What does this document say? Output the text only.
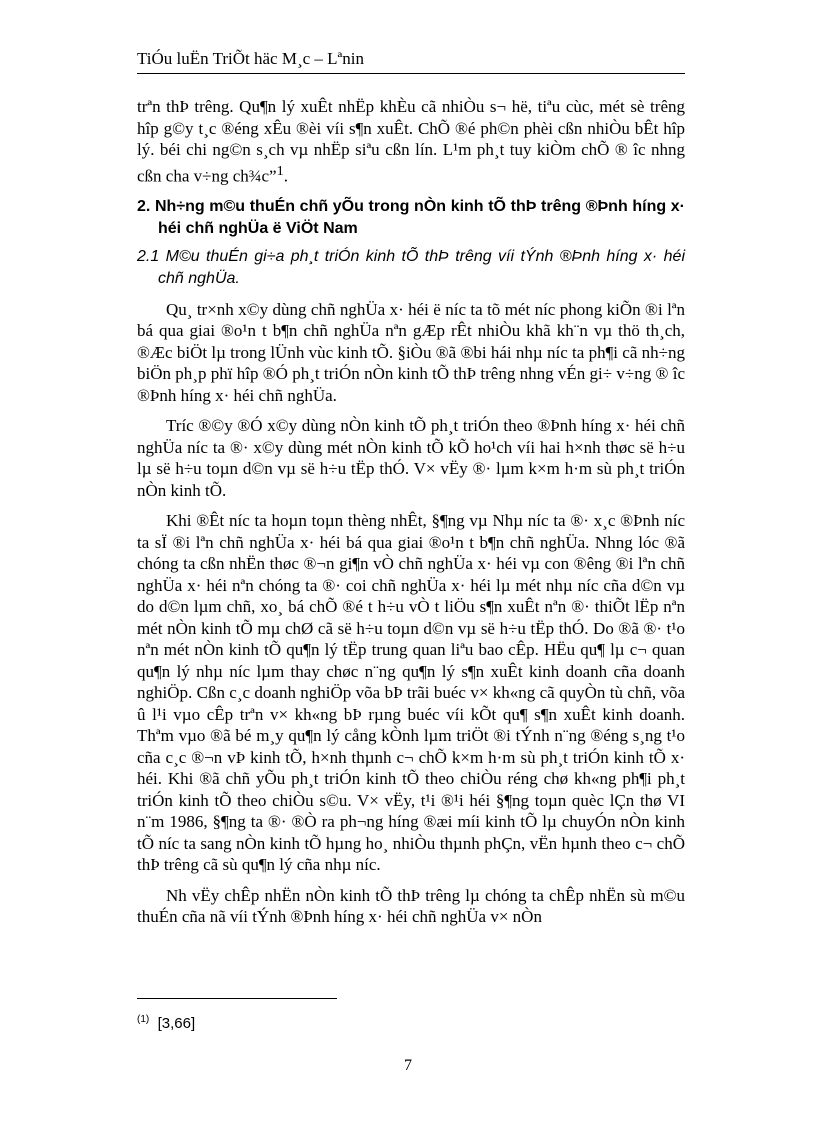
TiÓu luËn TriÕt häc M¸c – Lªnin

trªn thÞ trêng. Qu¶n lý xuÊt nhËp khÈu cã nhiÒu s¬ hë, tiªu cùc, mét sè trêng hîp g©y t¸c ®éng xÊu ®èi víi s¶n xuÊt. ChÕ ®é ph©n phèi cßn nhiÒu bÊt hîp lý. béi chi ng©n s¸ch vµ nhËp siªu cßn lín. L¹m ph¸t tuy kiÒm chÕ ® îc nhng cßn cha v÷ng ch¾c”$^1$.

2. Nh÷ng m©u thuÉn chñ yÕu trong nÒn kinh tÕ thÞ trêng ®Þnh híng x· héi chñ nghÜa ë ViÖt Nam

2.1 M©u thuÉn gi÷a ph¸t triÓn kinh tÕ thÞ trêng víi tÝnh ®Þnh híng x· héi chñ nghÜa.

Qu¸ tr×nh x©y dùng chñ nghÜa x· héi ë níc ta tõ mét níc phong kiÕn ®i lªn bá qua giai ®o¹n t b¶n chñ nghÜa nªn gÆp rÊt nhiÒu khã kh¨n vµ thö th¸ch, ®Æc biÖt lµ trong lÜnh vùc kinh tÕ. §iÒu ®ã ®bi hái nhµ níc ta ph¶i cã nh÷ng biÖn ph¸p phï hîp ®Ó ph¸t triÓn nÒn kinh tÕ thÞ trêng nhng vÉn gi÷ v÷ng ® îc ®Þnh híng x· héi chñ nghÜa.

Tríc ®©y ®Ó x©y dùng nÒn kinh tÕ ph¸t triÓn theo ®Þnh híng x· héi chñ nghÜa níc ta ®· x©y dùng mét nÒn kinh tÕ kÕ ho¹ch víi hai h×nh thøc së h÷u lµ së h÷u toµn d©n vµ së h÷u tËp thÓ. V× vËy ®· lµm k×m h·m sù ph¸t triÓn nÒn kinh tÕ.

Khi ®Êt níc ta hoµn toµn thèng nhÊt, §¶ng vµ Nhµ níc ta ®· x¸c ®Þnh níc ta sÏ ®i lªn chñ nghÜa x· héi bá qua giai ®o¹n t b¶n chñ nghÜa. Nhng lóc ®ã chóng ta cßn nhËn thøc ®¬n gi¶n vÒ chñ nghÜa x· héi vµ con ®êng ®i lªn chñ nghÜa x· héi nªn chóng ta ®· coi chñ nghÜa x· héi lµ mét nhµ níc cña d©n vµ do d©n lµm chñ, xo¸ bá chÕ ®é t h÷u vÒ t liÖu s¶n xuÊt nªn ®· thiÕt lËp nªn mét nÒn kinh tÕ mµ chØ cã së h÷u toµn d©n vµ së h÷u tËp thÓ. Do ®ã ®· t¹o nªn mét nÒn kinh tÕ qu¶n lý tËp trung quan liªu bao cÊp. HËu qu¶ lµ c¬ quan qu¶n lý nhµ níc lµm thay chøc n¨ng qu¶n lý s¶n xuÊt kinh doanh cña doanh nghiÖp. Cßn c¸c doanh nghiÖp võa bÞ trãi buéc v× kh«ng cã quyÒn tù chñ, võa û l¹i vµo cÊp trªn v× kh«ng bÞ rµng buéc víi kÕt qu¶ s¶n xuÊt kinh doanh. Thªm vµo ®ã bé m¸y qu¶n lý cång kÒnh lµm triÖt ®i tÝnh n¨ng ®éng s¸ng t¹o cña c¸c ®¬n vÞ kinh tÕ, h×nh thµnh c¬ chÕ k×m h·m sù ph¸t triÓn kinh tÕ x· héi. Khi ®ã chñ yÕu ph¸t triÓn kinh tÕ theo chiÒu réng chø kh«ng ph¶i ph¸t triÓn kinh tÕ theo chiÒu s©u. V× vËy, t¹i ®¹i héi §¶ng toµn quèc lÇn thø VI n¨m 1986, §¶ng ta ®· ®Ò ra ph¬ng híng ®æi míi kinh tÕ lµ chuyÓn nÒn kinh tÕ níc ta sang nÒn kinh tÕ hµng ho¸ nhiÒu thµnh phÇn, vËn hµnh theo c¬ chÕ thÞ trêng cã sù qu¶n lý cña nhµ níc.

Nh vËy chÊp nhËn nÒn kinh tÕ thÞ trêng lµ chóng ta chÊp nhËn sù m©u thuÉn cña nã víi tÝnh ®Þnh híng x· héi chñ nghÜa v× nÒn

$^{(1)}$ [3,66]
7
